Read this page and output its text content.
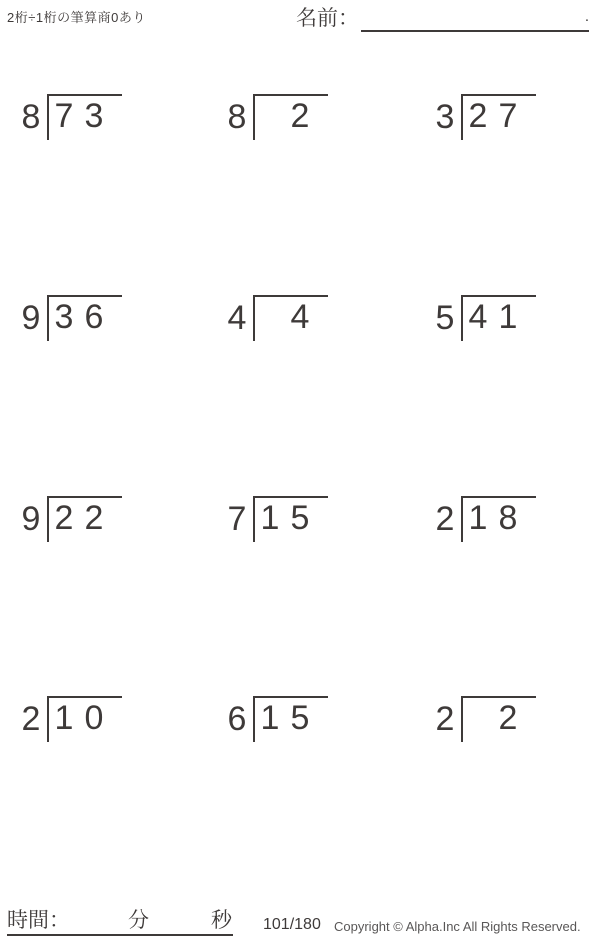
2桁÷1桁の筆算商0あり	名前：	.
8 7 3	8 2	3 2 7
9 3 6	4 4	5 4 1
9 2 2	7 1 5	2 1 8
2 1 0	6 1 5	2 2
時間：	分	秒 101/180 Copyright © Alpha.Inc All Rights Reserved.
